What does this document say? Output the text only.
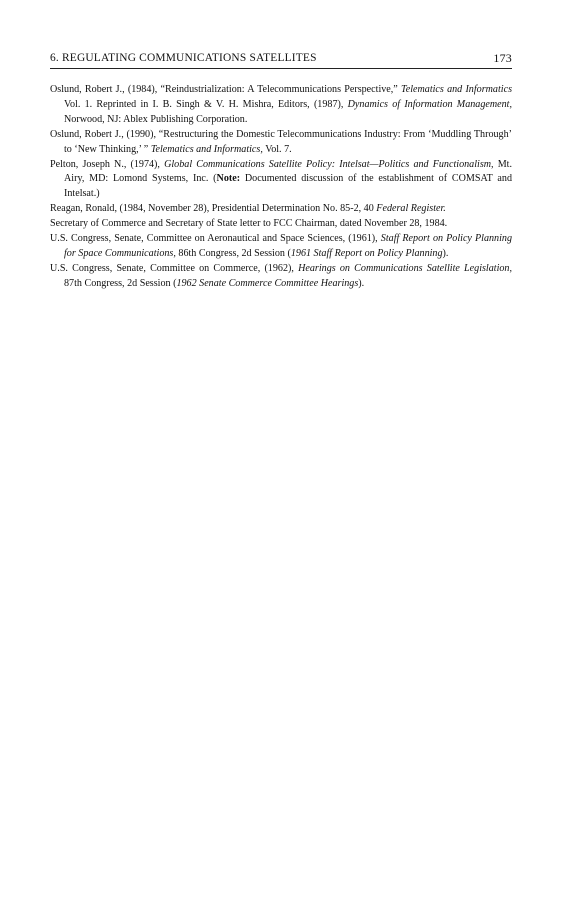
6. REGULATING COMMUNICATIONS SATELLITES	173
Oslund, Robert J., (1984), “Reindustrialization: A Telecommunications Perspective,” Telematics and Informatics Vol. 1. Reprinted in I. B. Singh & V. H. Mishra, Editors, (1987), Dynamics of Information Management, Norwood, NJ: Ablex Publishing Corporation.
Oslund, Robert J., (1990), “Restructuring the Domestic Telecommunications Industry: From ‘Muddling Through’ to ‘New Thinking,’ ” Telematics and Informatics, Vol. 7.
Pelton, Joseph N., (1974), Global Communications Satellite Policy: Intelsat—Politics and Functionalism, Mt. Airy, MD: Lomond Systems, Inc. (Note: Documented discussion of the establishment of COMSAT and Intelsat.)
Reagan, Ronald, (1984, November 28), Presidential Determination No. 85-2, 40 Federal Register.
Secretary of Commerce and Secretary of State letter to FCC Chairman, dated November 28, 1984.
U.S. Congress, Senate, Committee on Aeronautical and Space Sciences, (1961), Staff Report on Policy Planning for Space Communications, 86th Congress, 2d Session (1961 Staff Report on Policy Planning).
U.S. Congress, Senate, Committee on Commerce, (1962), Hearings on Communications Satellite Legislation, 87th Congress, 2d Session (1962 Senate Commerce Committee Hearings).
